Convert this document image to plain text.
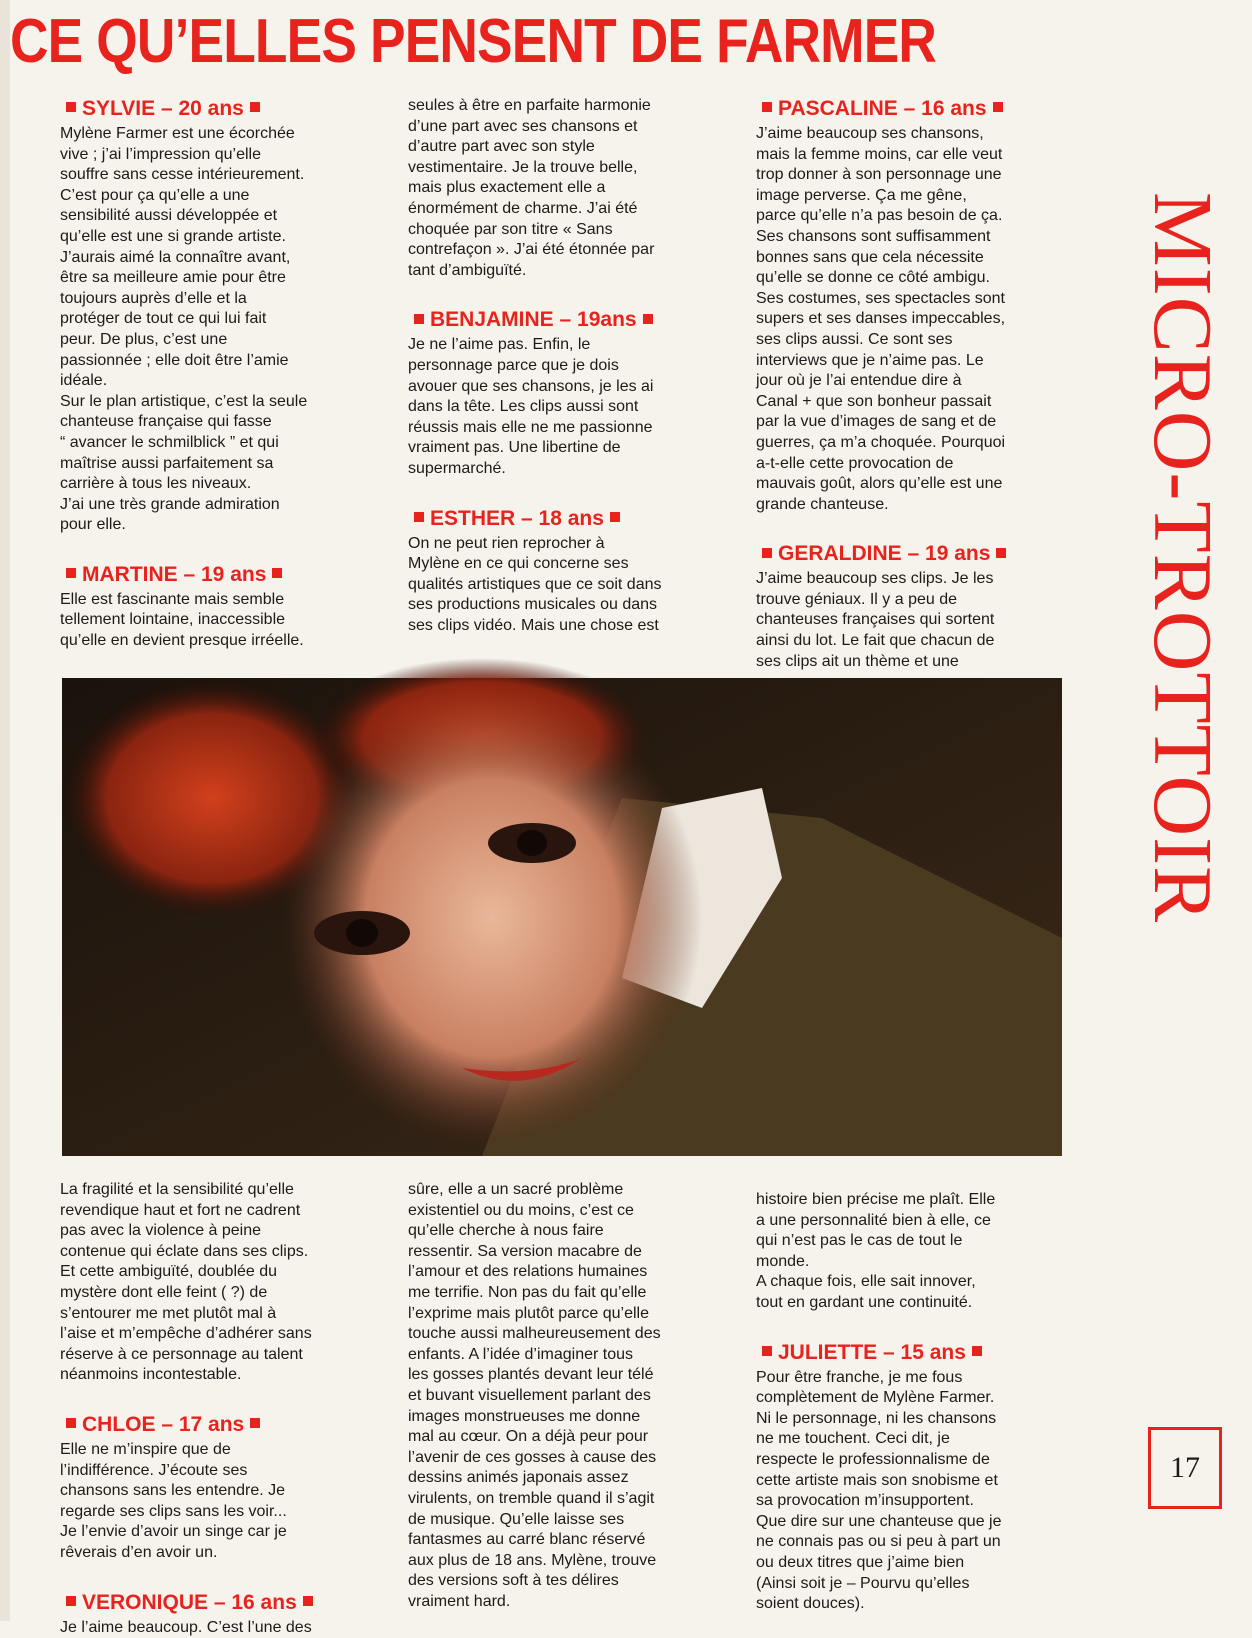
CE QU’ELLES PENSENT DE FARMER
SYLVIE – 20 ans

Mylène Farmer est une écorchée

vive ; j’ai l’impression qu’elle

souffre sans cesse intérieurement.

C’est pour ça qu’elle a une

sensibilité aussi développée et

qu’elle est une si grande artiste.

J’aurais aimé la connaître avant,

être sa meilleure amie pour être

toujours auprès d’elle et la

protéger de tout ce qui lui fait

peur. De plus, c’est une

passionnée ; elle doit être l’amie

idéale.

Sur le plan artistique, c’est la seule

chanteuse française qui fasse

“ avancer le schmilblick ” et qui

maîtrise aussi parfaitement sa

carrière à tous les niveaux.

J’ai une très grande admiration

pour elle.

MARTINE – 19 ans

Elle est fascinante mais semble

tellement lointaine, inaccessible

qu’elle en devient presque irréelle.

seules à être en parfaite harmonie

d’une part avec ses chansons et

d’autre part avec son style

vestimentaire. Je la trouve belle,

mais plus exactement elle a

énormément de charme. J’ai été

choquée par son titre « Sans

contrefaçon ». J’ai été étonnée par

tant d’ambiguïté.

BENJAMINE – 19ans

Je ne l’aime pas. Enfin, le

personnage parce que je dois

avouer que ses chansons, je les ai

dans la tête. Les clips aussi sont

réussis mais elle ne me passionne

vraiment pas. Une libertine de

supermarché.

ESTHER – 18 ans

On ne peut rien reprocher à

Mylène en ce qui concerne ses

qualités artistiques que ce soit dans

ses productions musicales ou dans

ses clips vidéo. Mais une chose est

PASCALINE – 16 ans

J’aime beaucoup ses chansons,

mais la femme moins, car elle veut

trop donner à son personnage une

image perverse. Ça me gêne,

parce qu’elle n’a pas besoin de ça.

Ses chansons sont suffisamment

bonnes sans que cela nécessite

qu’elle se donne ce côté ambigu.

Ses costumes, ses spectacles sont

supers et ses danses impeccables,

ses clips aussi. Ce sont ses

interviews que je n’aime pas. Le

jour où je l’ai entendue dire à

Canal + que son bonheur passait

par la vue d’images de sang et de

guerres, ça m’a choquée. Pourquoi

a-t-elle cette provocation de

mauvais goût, alors qu’elle est une

grande chanteuse.

GERALDINE – 19 ans

J’aime beaucoup ses clips. Je les

trouve géniaux. Il y a peu de

chanteuses françaises qui sortent

ainsi du lot. Le fait que chacun de

ses clips ait un thème et une

La fragilité et la sensibilité qu’elle

revendique haut et fort ne cadrent

pas avec la violence à peine

contenue qui éclate dans ses clips.

Et cette ambiguïté, doublée du

mystère dont elle feint ( ?) de

s’entourer me met plutôt mal à

l’aise et m’empêche d’adhérer sans

réserve à ce personnage au talent

néanmoins incontestable.

CHLOE – 17 ans

Elle ne m’inspire que de

l’indifférence. J’écoute ses

chansons sans les entendre. Je

regarde ses clips sans les voir...

Je l’envie d’avoir un singe car je

rêverais d’en avoir un.

VERONIQUE – 16 ans

Je l’aime beaucoup. C’est l’une des

sûre, elle a un sacré problème

existentiel ou du moins, c’est ce

qu’elle cherche à nous faire

ressentir. Sa version macabre de

l’amour et des relations humaines

me terrifie. Non pas du fait qu’elle

l’exprime mais plutôt parce qu’elle

touche aussi malheureusement des

enfants. A l’idée d’imaginer tous

les gosses plantés devant leur télé

et buvant visuellement parlant des

images monstrueuses me donne

mal au cœur. On a déjà peur pour

l’avenir de ces gosses à cause des

dessins animés japonais assez

virulents, on tremble quand il s’agit

de musique. Qu’elle laisse ses

fantasmes au carré blanc réservé

aux plus de 18 ans. Mylène, trouve

des versions soft à tes délires

vraiment hard.

histoire bien précise me plaît. Elle

a une personnalité bien à elle, ce

qui n’est pas le cas de tout le

monde.

A chaque fois, elle sait innover,

tout en gardant une continuité.

JULIETTE – 15 ans

Pour être franche, je me fous

complètement de Mylène Farmer.

Ni le personnage, ni les chansons

ne me touchent. Ceci dit, je

respecte le professionnalisme de

cette artiste mais son snobisme et

sa provocation m’insupportent.

Que dire sur une chanteuse que je

ne connais pas ou si peu à part un

ou deux titres que j’aime bien

(Ainsi soit je – Pourvu qu’elles

soient douces).

MICRO-TROTTOIR
17
